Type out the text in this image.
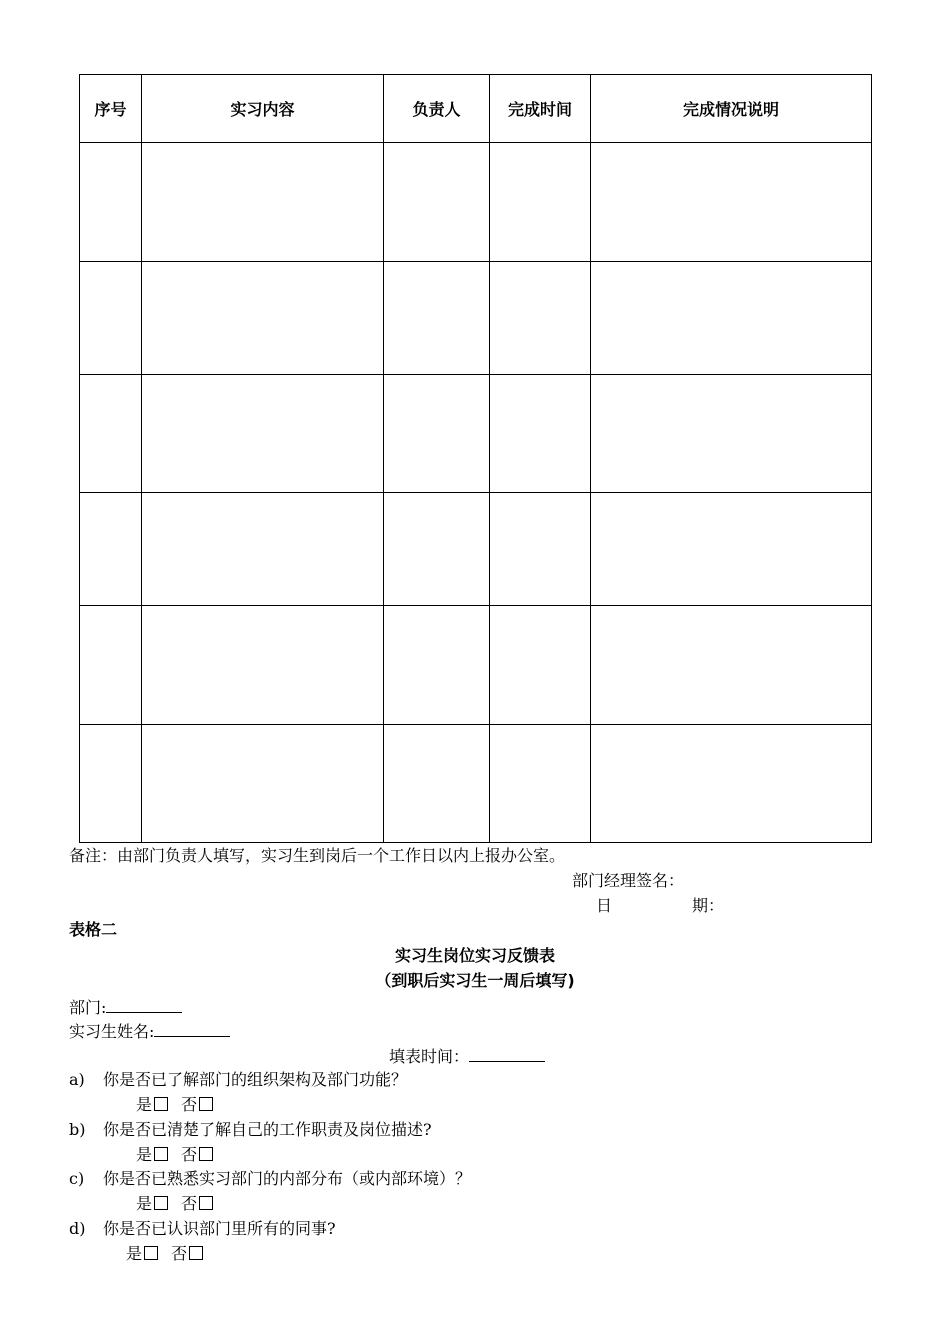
序号	实习内容	负责人	完成时间	完成情况说明

备注：由部门负责人填写，实习生到岗后一个工作日以内上报办公室。
部门经理签名：
日	期：
表格二
实习生岗位实习反馈表
（到职后实习生一周后填写)
部门:
实习生姓名:
填表时间：
a) 你是否已了解部门的组织架构及部门功能？
是 否
b) 你是否已清楚了解自己的工作职责及岗位描述?
是 否
c) 你是否已熟悉实习部门的内部分布（或内部环境）？
是 否
d) 你是否已认识部门里所有的同事?
是 否
